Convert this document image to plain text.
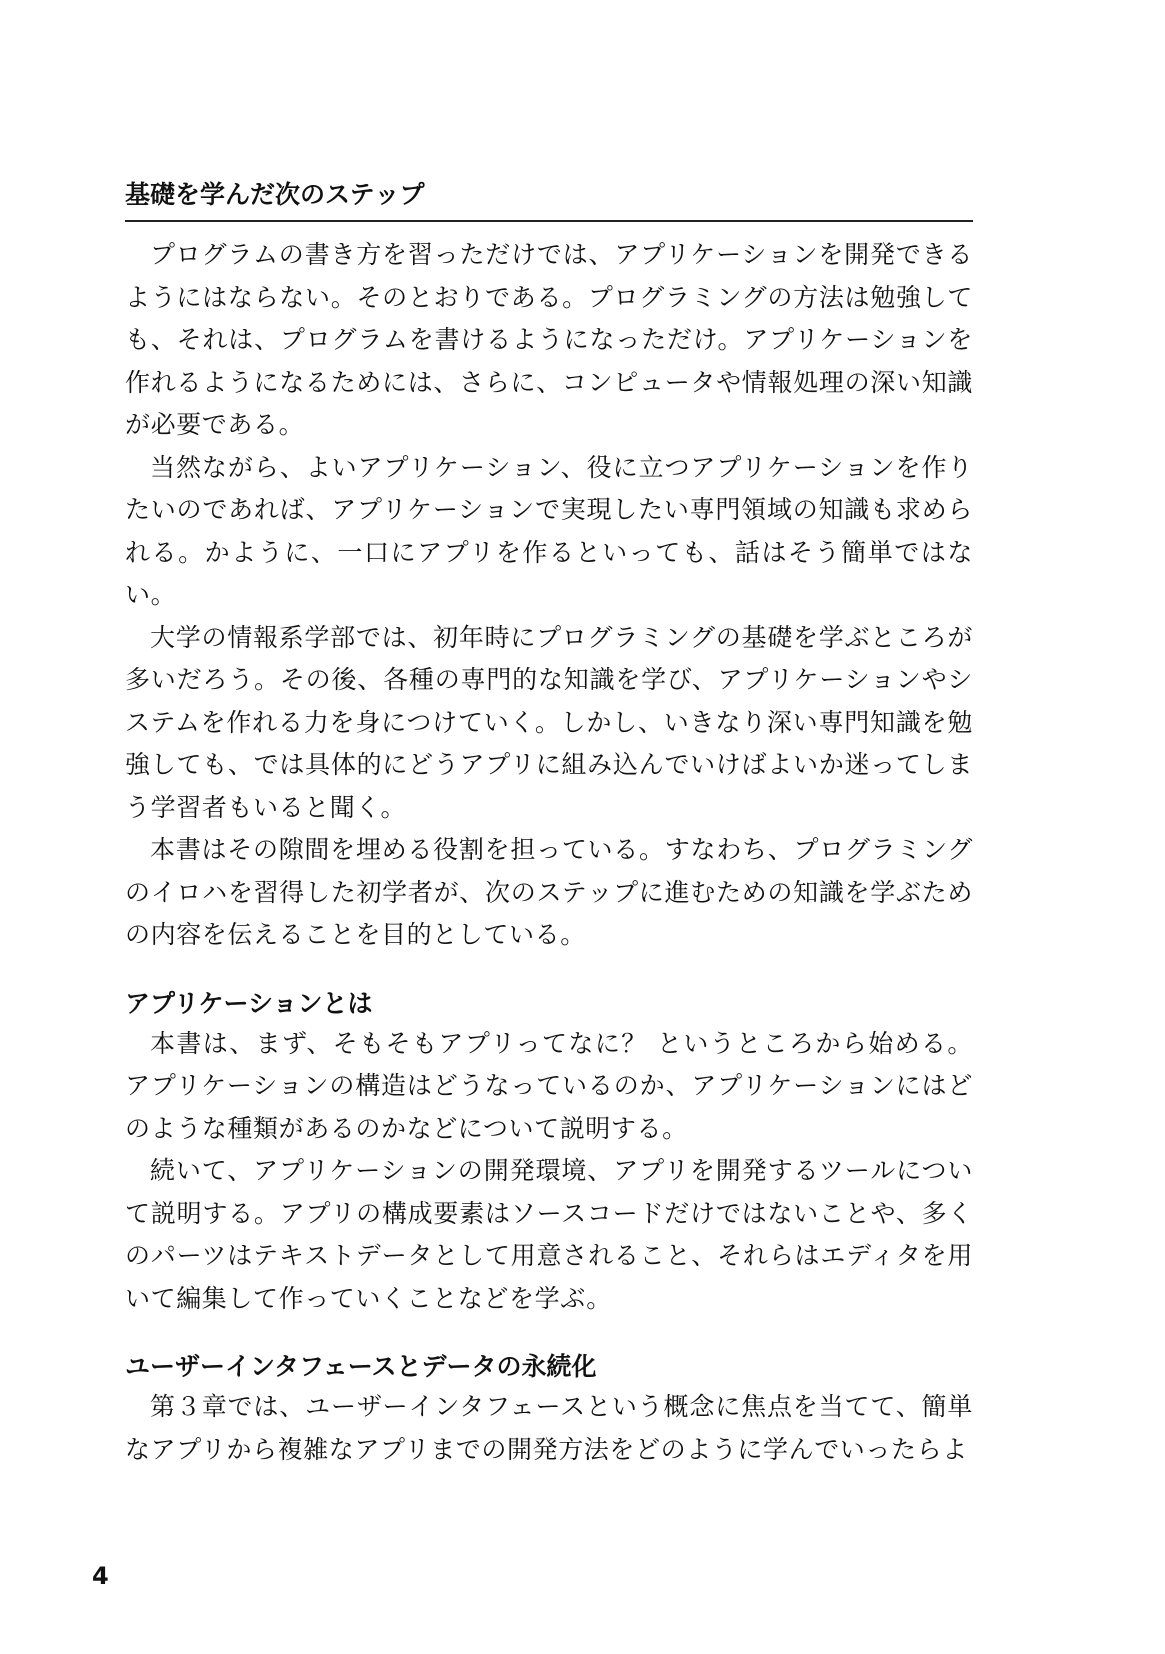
基礎を学んだ次のステップ

プログラムの書き方を習っただけでは、アプリケーションを開発できるようにはならない。そのとおりである。プログラミングの方法は勉強しても、それは、プログラムを書けるようになっただけ。アプリケーションを作れるようになるためには、さらに、コンピュータや情報処理の深い知識が必要である。

当然ながら、よいアプリケーション、役に立つアプリケーションを作りたいのであれば、アプリケーションで実現したい専門領域の知識も求められる。かように、一口にアプリを作るといっても、話はそう簡単ではない。

大学の情報系学部では、初年時にプログラミングの基礎を学ぶところが多いだろう。その後、各種の専門的な知識を学び、アプリケーションやシステムを作れる力を身につけていく。しかし、いきなり深い専門知識を勉強しても、では具体的にどうアプリに組み込んでいけばよいか迷ってしまう学習者もいると聞く。

本書はその隙間を埋める役割を担っている。すなわち、プログラミングのイロハを習得した初学者が、次のステップに進むための知識を学ぶための内容を伝えることを目的としている。

アプリケーションとは

本書は、まず、そもそもアプリってなに？ というところから始める。アプリケーションの構造はどうなっているのか、アプリケーションにはどのような種類があるのかなどについて説明する。

続いて、アプリケーションの開発環境、アプリを開発するツールについて説明する。アプリの構成要素はソースコードだけではないことや、多くのパーツはテキストデータとして用意されること、それらはエディタを用いて編集して作っていくことなどを学ぶ。

ユーザーインタフェースとデータの永続化

第３章では、ユーザーインタフェースという概念に焦点を当てて、簡単なアプリから複雑なアプリまでの開発方法をどのように学んでいったらよ

4
